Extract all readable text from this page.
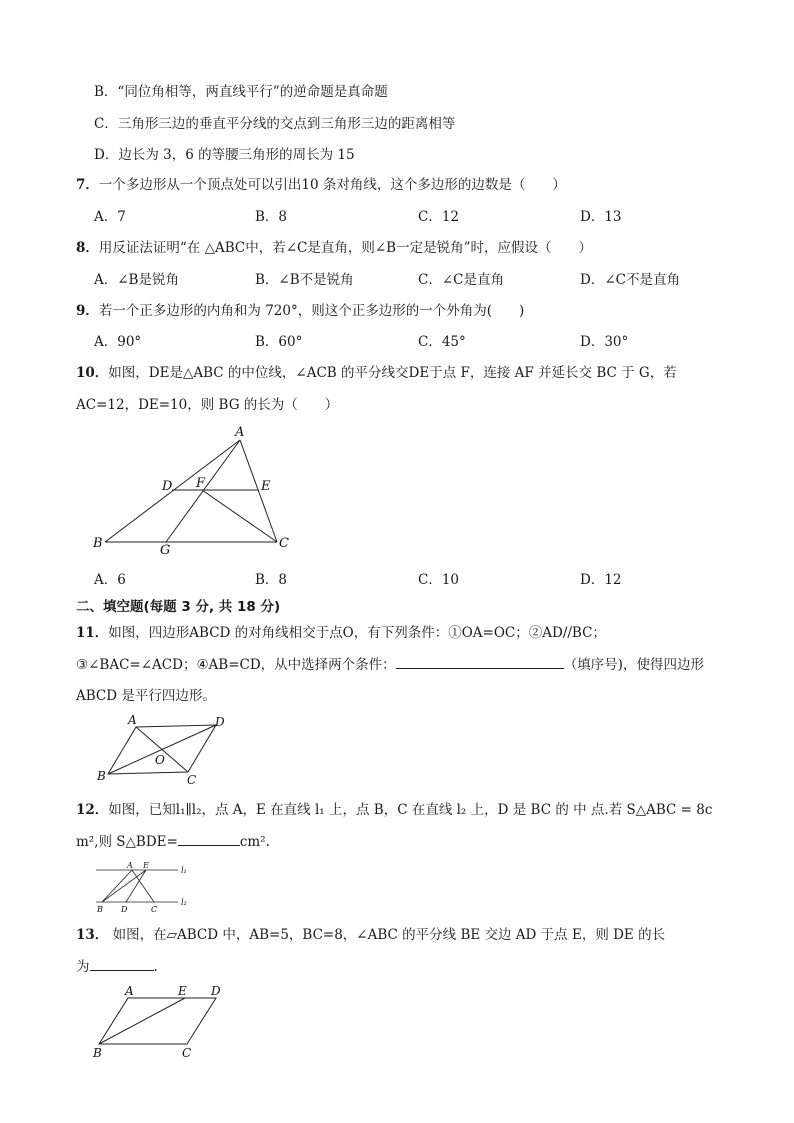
B．“同位角相等，两直线平行”的逆命题是真命题
C．三角形三边的垂直平分线的交点到三角形三边的距离相等
D．边长为 3，6 的等腰三角形的周长为 15
7．一个多边形从一个顶点处可以引出10 条对角线，这个多边形的边数是（　　）
A．7	B．8	C．12	D．13
8．用反证法证明“在 △ABC中，若∠C是直角，则∠B一定是锐角”时，应假设（　　）
A．∠B是锐角	B．∠B不是锐角	C．∠C是直角	D．∠C不是直角
9．若一个正多边形的内角和为 720°，则这个正多边形的一个外角为(　　)
A．90°	B．60°	C．45°	D．30°
10．如图，DE是△ABC 的中位线，∠ACB 的平分线交DE于点 F，连接 AF 并延长交 BC 于 G，若
AC=12，DE=10，则 BG 的长为（　　）
A
D F	E
B	G	C
A．6	B．8	C．10	D．12
二、填空题(每题 3 分, 共 18 分)
11．如图，四边形ABCD 的对角线相交于点O，有下列条件：①OA=OC；②AD//BC；
③∠BAC=∠ACD；④AB=CD，从中选择两个条件：	（填序号)，使得四边形
ABCD 是平行四边形。
A	D
B	C
O
12．如图，已知l₁∥l₂，点 A，E 在直线 l₁ 上，点 B，C 在直线 l₂ 上，D 是 BC 的 中 点.若 S△ABC = 8c
m²,则 S△BDE=	cm².
A E
l₁
l₂
B D	C
13． 如图，在▱ABCD 中，AB=5，BC=8，∠ABC 的平分线 BE 交边 AD 于点 E，则 DE 的长
为	.
A	E D
B	C
